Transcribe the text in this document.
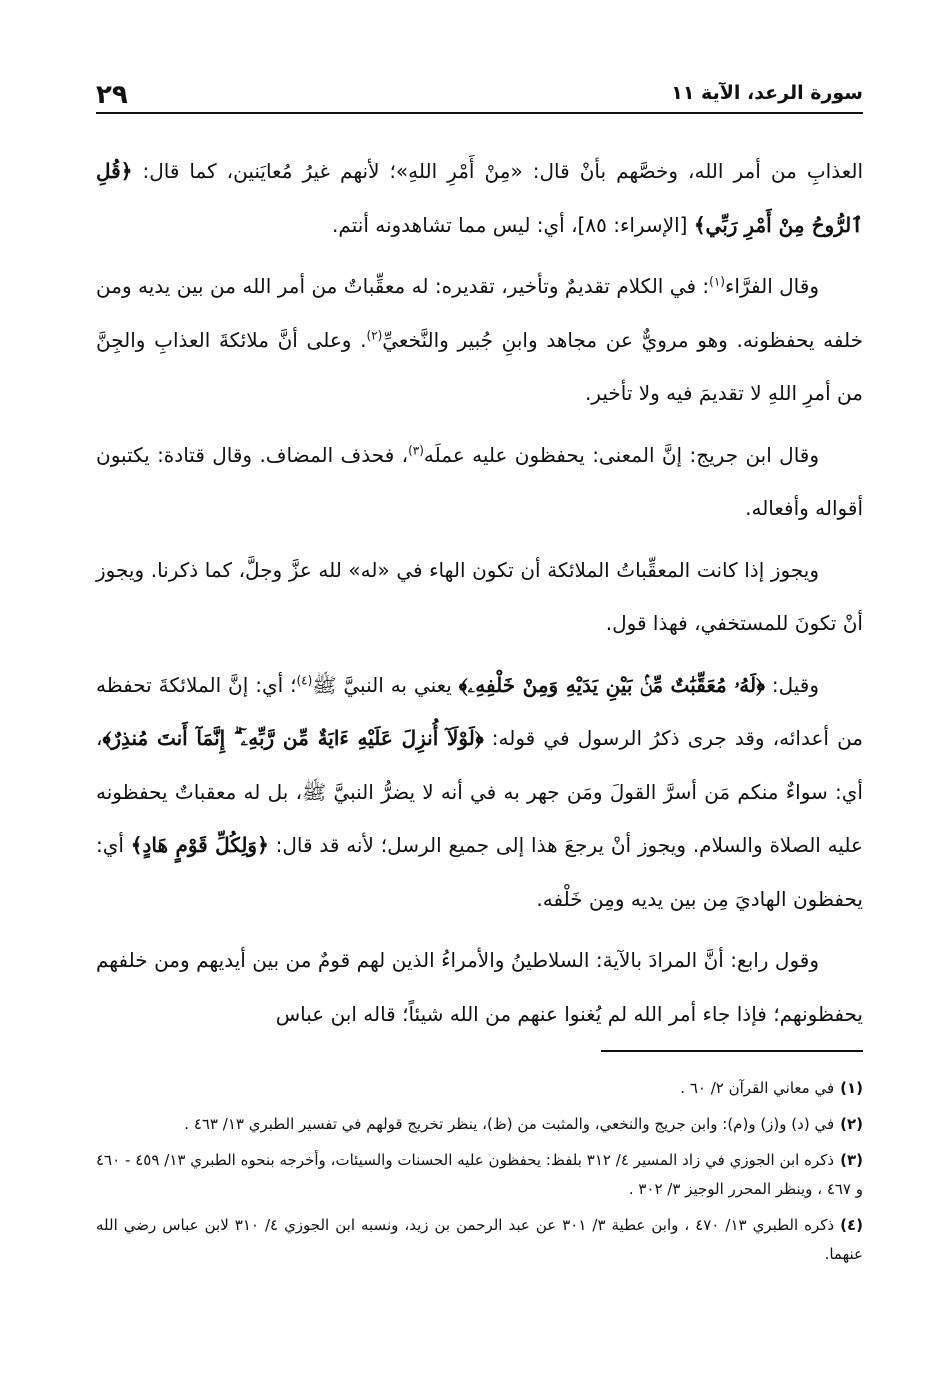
سورة الرعد، الآية ١١
٢٩

العذابِ من أمر الله، وخصَّهم بأنْ قال: «مِنْ أَمْرِ اللهِ»؛ لأنهم غيرُ مُعايَنين، كما قال: ﴿قُلِ ٱلرُّوحُ مِنْ أَمْرِ رَبِّي﴾ [الإسراء: ٨٥]، أي: ليس مما تشاهدونه أنتم.

وقال الفرَّاء$^{(١)}$: في الكلام تقديمٌ وتأخير، تقديره: له معقِّباتٌ من أمر الله من بين يديه ومن خلفه يحفظونه. وهو مرويٌّ عن مجاهد وابنِ جُبير والنَّخعيِّ$^{(٢)}$. وعلى أنَّ ملائكةَ العذابِ والجِنَّ من أمرِ اللهِ لا تقديمَ فيه ولا تأخير.

وقال ابن جريج: إنَّ المعنى: يحفظون عليه عملَه$^{(٣)}$، فحذف المضاف. وقال قتادة: يكتبون أقواله وأفعاله.

ويجوز إذا كانت المعقِّباتُ الملائكة أن تكون الهاء في «له» لله عزَّ وجلَّ، كما ذكرنا. ويجوز أنْ تكونَ للمستخفي، فهذا قول.

وقيل: ﴿لَهُۥ مُعَقِّبَٰتٌ مِّنۢ بَيْنِ يَدَيْهِ وَمِنْ خَلْفِهِۦ﴾ يعني به النبيَّ ﷺ$^{(٤)}$؛ أي: إنَّ الملائكةَ تحفظه من أعدائه، وقد جرى ذكرُ الرسول في قوله: ﴿لَوْلَآ أُنزِلَ عَلَيْهِ ءَايَةٌ مِّن رَّبِّهِۦٓ ۗ إِنَّمَآ أَنتَ مُنذِرٌ﴾، أي: سواءٌ منكم مَن أسرَّ القولَ ومَن جهر به في أنه لا يضرُّ النبيَّ ﷺ، بل له معقباتٌ يحفظونه عليه الصلاة والسلام. ويجوز أنْ يرجعَ هذا إلى جميع الرسل؛ لأنه قد قال: ﴿وَلِكُلِّ قَوْمٍ هَادٍ﴾ أي: يحفظون الهاديَ مِن بين يديه ومِن خَلْفه.

وقول رابع: أنَّ المرادَ بالآية: السلاطينُ والأمراءُ الذين لهم قومٌ من بين أيديهم ومن خلفهم يحفظونهم؛ فإذا جاء أمر الله لم يُغنوا عنهم من الله شيئاً؛ قاله ابن عباس

(١)في معاني القرآن ٢/ ٦٠ .

(٢)في (د) و(ز) و(م): وابن جريج والنخعي، والمثبت من (ظ)، ينظر تخريج قولهم في تفسير الطبري ١٣/ ٤٦٣ .

(٣)ذكره ابن الجوزي في زاد المسير ٤/ ٣١٢ بلفظ: يحفظون عليه الحسنات والسيئات، وأخرجه بنحوه الطبري ١٣/ ٤٥٩ - ٤٦٠ و ٤٦٧ ، وينظر المحرر الوجيز ٣/ ٣٠٢ .

(٤)ذكره الطبري ١٣/ ٤٧٠ ، وابن عطية ٣/ ٣٠١ عن عبد الرحمن بن زيد، ونسبه ابن الجوزي ٤/ ٣١٠ لابن عباس رضي الله عنهما.
